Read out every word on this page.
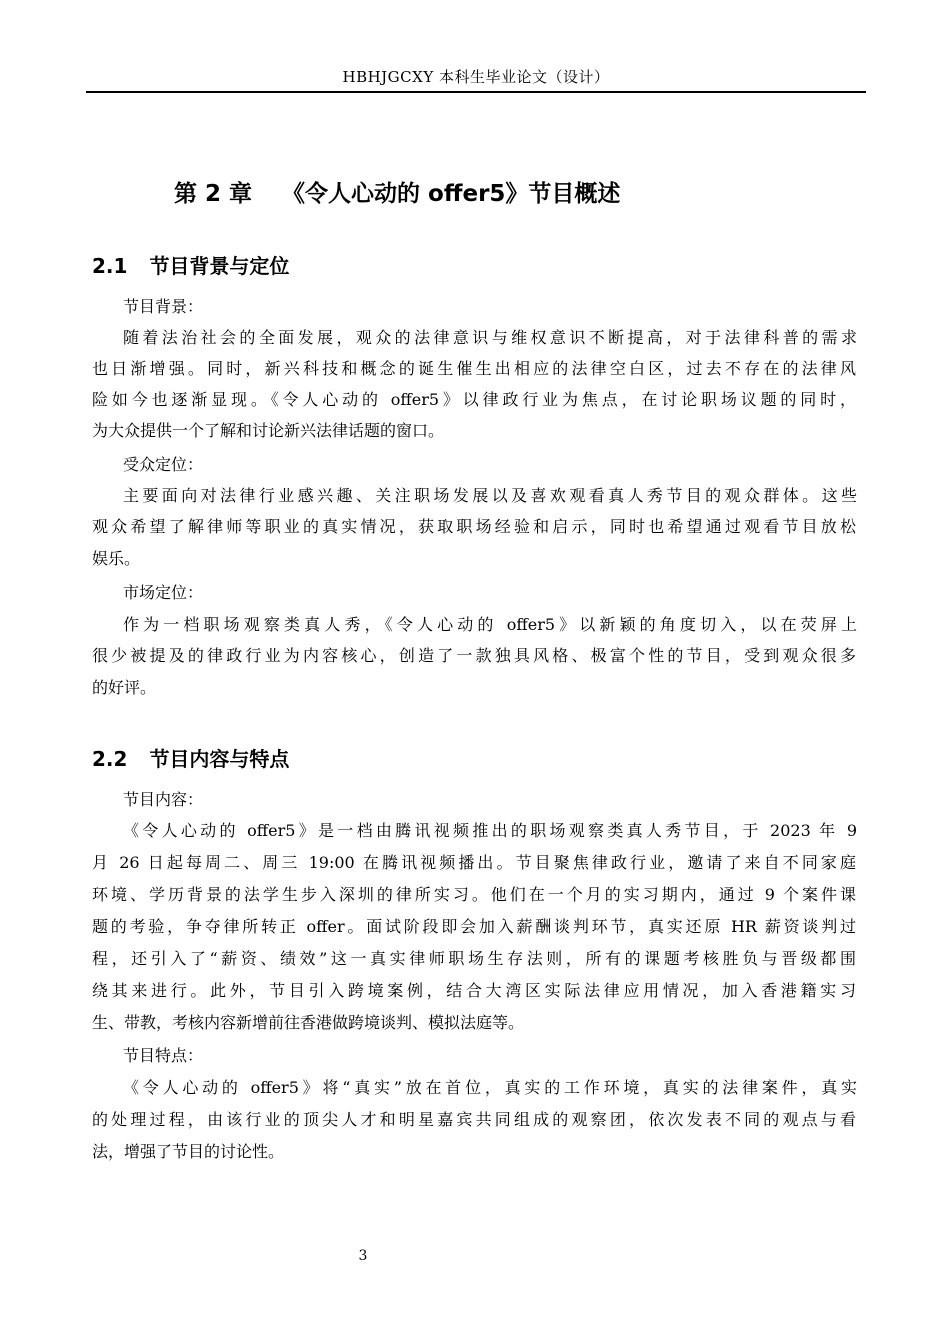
HBHJGCXY 本科生毕业论文（设计）
第 2 章 《令人心动的 offer5》节目概述
2.1 节目背景与定位
节目背景：
随着法治社会的全面发展，观众的法律意识与维权意识不断提高，对于法律科普的需求
也日渐增强。同时，新兴科技和概念的诞生催生出相应的法律空白区，过去不存在的法律风
险如今也逐渐显现。《令人心动的 offer5》以律政行业为焦点，在讨论职场议题的同时，
为大众提供一个了解和讨论新兴法律话题的窗口。
受众定位：
主要面向对法律行业感兴趣、关注职场发展以及喜欢观看真人秀节目的观众群体。这些
观众希望了解律师等职业的真实情况，获取职场经验和启示，同时也希望通过观看节目放松
娱乐。
市场定位：
作为一档职场观察类真人秀，《令人心动的 offer5》以新颖的角度切入，以在荧屏上
很少被提及的律政行业为内容核心，创造了一款独具风格、极富个性的节目，受到观众很多
的好评。
2.2 节目内容与特点
节目内容：
《令人心动的 offer5》是一档由腾讯视频推出的职场观察类真人秀节目，于 2023 年 9
月 26 日起每周二、周三 19:00 在腾讯视频播出。节目聚焦律政行业，邀请了来自不同家庭
环境、学历背景的法学生步入深圳的律所实习。他们在一个月的实习期内，通过 9 个案件课
题的考验，争夺律所转正 offer。面试阶段即会加入薪酬谈判环节，真实还原 HR 薪资谈判过
程，还引入了“薪资、绩效”这一真实律师职场生存法则，所有的课题考核胜负与晋级都围
绕其来进行。此外，节目引入跨境案例，结合大湾区实际法律应用情况，加入香港籍实习
生、带教，考核内容新增前往香港做跨境谈判、模拟法庭等。
节目特点：
《令人心动的 offer5》将“真实”放在首位，真实的工作环境，真实的法律案件，真实
的处理过程，由该行业的顶尖人才和明星嘉宾共同组成的观察团，依次发表不同的观点与看
法，增强了节目的讨论性。
3
